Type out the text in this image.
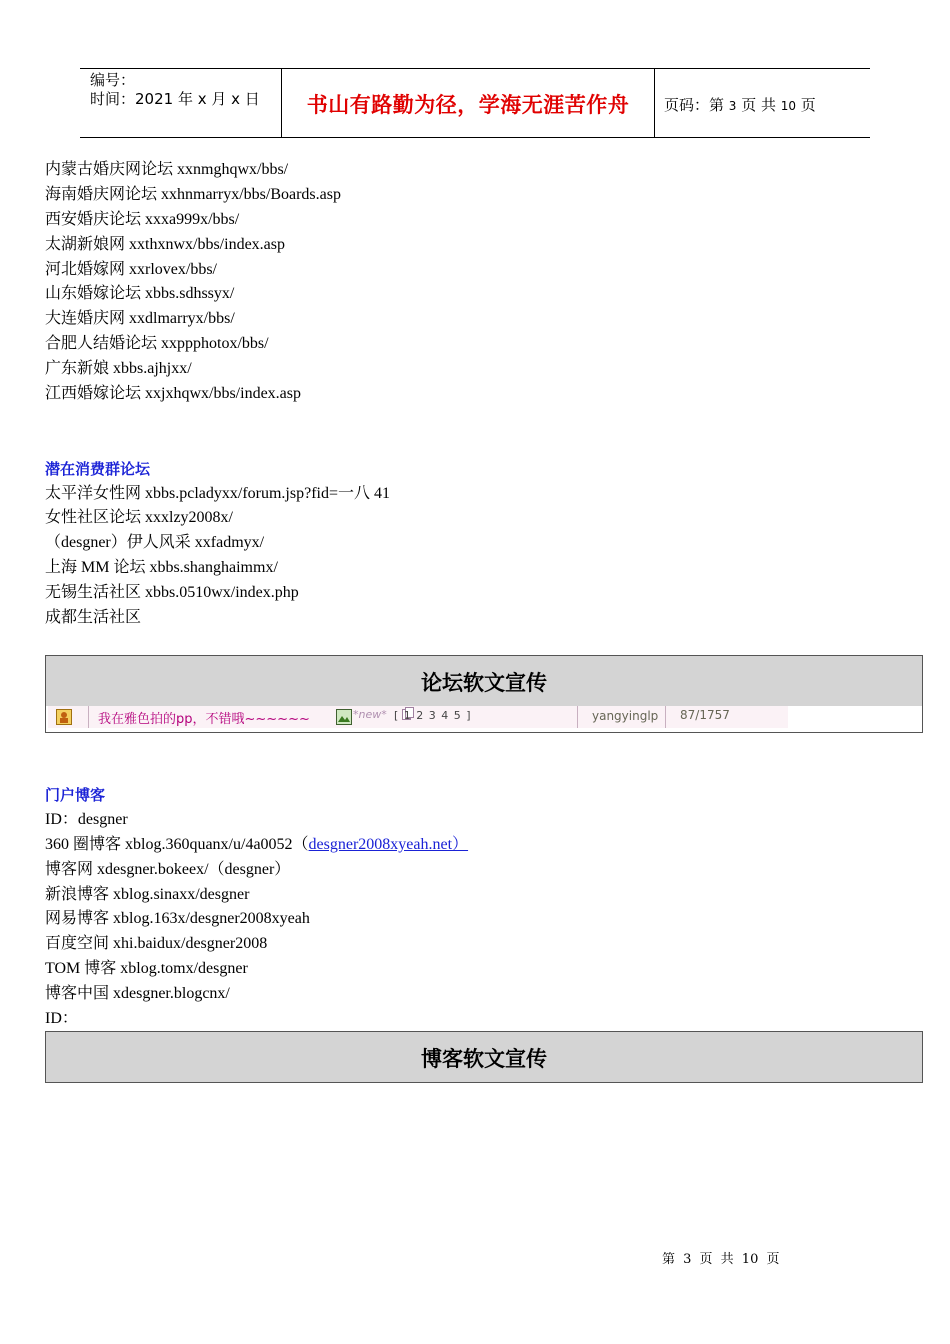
编号：
时间：2021 年 x 月 x 日	书山有路勤为径，学海无涯苦作舟	页码：第 3 页 共 10 页
内蒙古婚庆网论坛 xxnmghqwx/bbs/
海南婚庆网论坛 xxhnmarryx/bbs/Boards.asp
西安婚庆论坛 xxxa999x/bbs/
太湖新娘网 xxthxnwx/bbs/index.asp
河北婚嫁网 xxrlovex/bbs/
山东婚嫁论坛 xbbs.sdhssyx/
大连婚庆网 xxdlmarryx/bbs/
合肥人结婚论坛 xxppphotox/bbs/
广东新娘 xbbs.ajhjxx/
江西婚嫁论坛 xxjxhqwx/bbs/index.asp
潜在消费群论坛
太平洋女性网 xbbs.pcladyxx/forum.jsp?fid=一八 41
女性社区论坛 xxxlzy2008x/
（desgner）伊人风采 xxfadmyx/
上海 MM 论坛 xbbs.shanghaimmx/
无锡生活社区 xbbs.0510wx/index.php
成都生活社区
论坛软文宣传
我在雅色拍的pp，不错哦~~~~~~	*new* [ 1 2 3 4 5 ]	yangyinglp 87/1757
门户博客
ID：desgner
360 圈博客 xblog.360quanx/u/4a0052（desgner2008xyeah.net）
博客网 xdesgner.bokeex/（desgner）
新浪博客 xblog.sinaxx/desgner
网易博客 xblog.163x/desgner2008xyeah
百度空间 xhi.baidux/desgner2008
TOM 博客 xblog.tomx/desgner
博客中国 xdesgner.blogcnx/
ID：
博客软文宣传
第 3 页 共 10 页
